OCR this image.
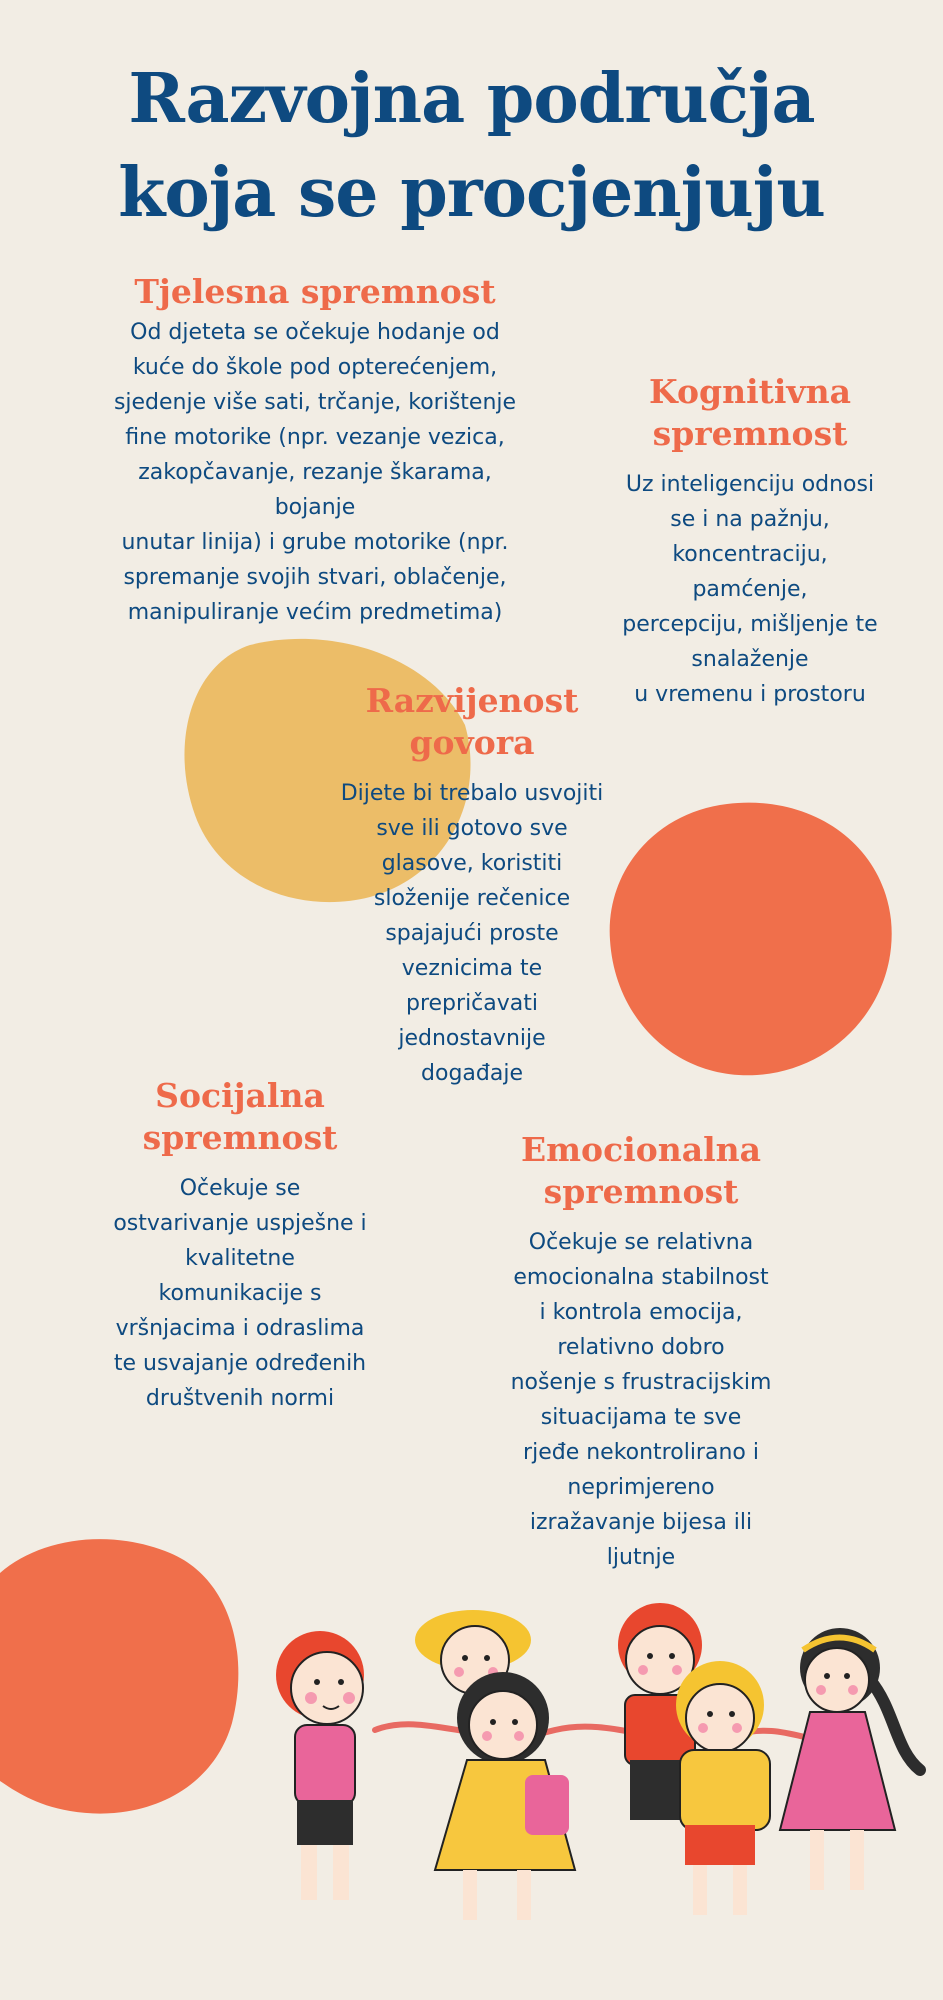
Razvojna područja
koja se procjenjuju
Tjelesna spremnost

Od djeteta se očekuje hodanje od
kuće do škole pod opterećenjem,
sjedenje više sati, trčanje, korištenje
fine motorike (npr. vezanje vezica,
zakopčavanje, rezanje škarama,
bojanje
unutar linija) i grube motorike (npr.
spremanje svojih stvari, oblačenje,
manipuliranje većim predmetima)

Kognitivna
spremnost

Uz inteligenciju odnosi
se i na pažnju,
koncentraciju,
pamćenje,
percepciju, mišljenje te
snalaženje
u vremenu i prostoru

Razvijenost
govora

Dijete bi trebalo usvojiti
sve ili gotovo sve
glasove, koristiti
složenije rečenice
spajajući proste
veznicima te
prepričavati
jednostavnije
događaje

Socijalna
spremnost

Očekuje se
ostvarivanje uspješne i
kvalitetne
komunikacije s
vršnjacima i odraslima
te usvajanje određenih
društvenih normi

Emocionalna
spremnost

Očekuje se relativna
emocionalna stabilnost
i kontrola emocija,
relativno dobro
nošenje s frustracijskim
situacijama te sve
rjeđe nekontrolirano i
neprimjereno
izražavanje bijesa ili
ljutnje
